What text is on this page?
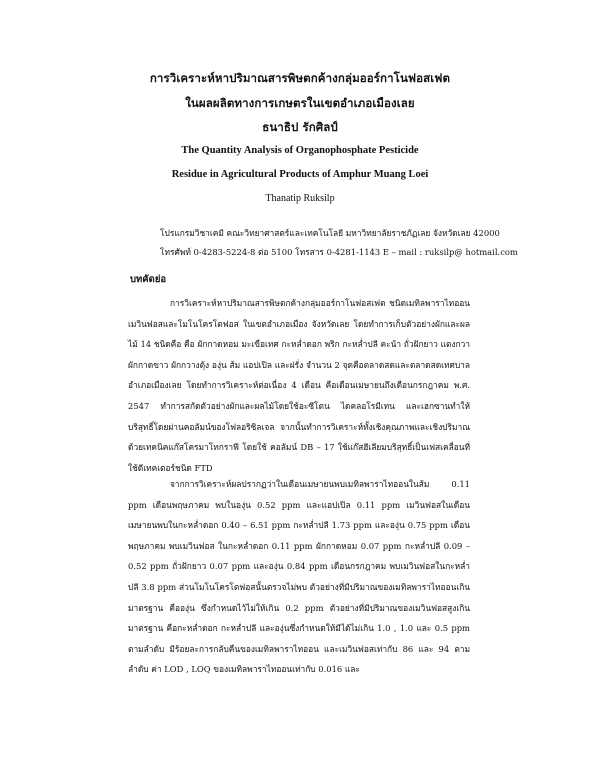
การวิเคราะห์หาปริมาณสารพิษตกค้างกลุ่มออร์กาโนฟอสเฟต
ในผลผลิตทางการเกษตรในเขตอำเภอเมืองเลย
ธนาธิป รักศิลป์
The Quantity Analysis of Organophosphate Pesticide
Residue in Agricultural Products of Amphur Muang Loei
Thanatip Ruksilp
โปรแกรมวิชาเคมี คณะวิทยาศาสตร์และเทคโนโลยี มหาวิทยาลัยราชภัฏเลย จังหวัดเลย 42000
โทรศัพท์ 0-4283-5224-8 ต่อ 5100 โทรสาร 0-4281-1143 E – mail : ruksilp@ hotmail.com
บทคัดย่อ

การวิเคราะห์หาปริมาณสารพิษตกค้างกลุ่มออร์กาโนฟอสเฟต ชนิดเมทิลพาราไทออน เมวินฟอสและโมโนโครโตฟอส ในเขตอำเภอเมือง จังหวัดเลย โดยทำการเก็บตัวอย่างผักและผลไม้ 14 ชนิดคือ คือ ผักกาดหอม มะเขือเทศ กะหล่ำดอก พริก กะหล่ำปลี คะน้า ถั่วฝักยาว แตงกวา ผักกาดขาว ผักกวางตุ้ง องุ่น ส้ม แอปเปิล และฝรั่ง จำนวน 2 จุดคือตลาดสดและตลาดสดเทศบาลอำเภอเมืองเลย โดยทำการวิเคราะห์ต่อเนื่อง 4 เดือน คือเดือนเมษายนถึงเดือนกรกฎาคม พ.ศ. 2547 ทำการสกัดตัวอย่างผักและผลไม้โดยใช้อะซีโตน ไดคลอโรมีเทน และเฮกซานทำให้บริสุทธิ์โดยผ่านคอลัมน์ของโฟลอริซิลเจล จากนั้นทำการวิเคราะห์ทั้งเชิงคุณภาพและเชิงปริมาณด้วยเทคนิคแก๊สโครมาโทกราฟี โดยใช้ คอลัมน์ DB – 17 ใช้แก๊สฮีเลียมบริสุทธิ์เป็นเฟสเคลื่อนที่ ใช้ดีเทคเตอร์ชนิด FTD

จากการวิเคราะห์ผลปรากฏว่าในเดือนเมษายนพบเมทิลพาราไทออนในส้ม 0.11 ppm เดือนพฤษภาคม พบในองุ่น 0.52 ppm และแอปเปิล 0.11 ppm เมวินฟอสในเดือนเมษายนพบในกะหล่ำดอก 0.40 – 6.51 ppm กะหล่ำปลี 1.73 ppm และองุ่น 0.75 ppm เดือนพฤษภาคม พบเมวินฟอส ในกะหล่ำดอก 0.11 ppm ผักกาดหอม 0.07 ppm กะหล่ำปลี 0.09 – 0.52 ppm ถั่วฝักยาว 0.07 ppm และองุ่น 0.84 ppm เดือนกรกฎาคม พบเมวินฟอสในกะหล่ำปลี 3.8 ppm ส่วนโมโนโครโตฟอสนั้นตรวจไม่พบ ตัวอย่างที่มีปริมาณของเมทิลพาราไทออนเกินมาตรฐาน คือองุ่น ซึ่งกำหนดไว้ไม่ให้เกิน 0.2 ppm ตัวอย่างที่มีปริมาณของเมวินฟอสสูงเกินมาตรฐาน คือกะหล่ำดอก กะหล่ำปลี และองุ่นซึ่งกำหนดให้มีได้ไม่เกิน 1.0 , 1.0 และ 0.5 ppm ตามลำดับ มีร้อยละการกลับคืนของเมทิลพาราไทออน และเมวินฟอสเท่ากับ 86 และ 94 ตามลำดับ ค่า LOD , LOQ ของเมทิลพาราไทออนเท่ากับ 0.016 และ
